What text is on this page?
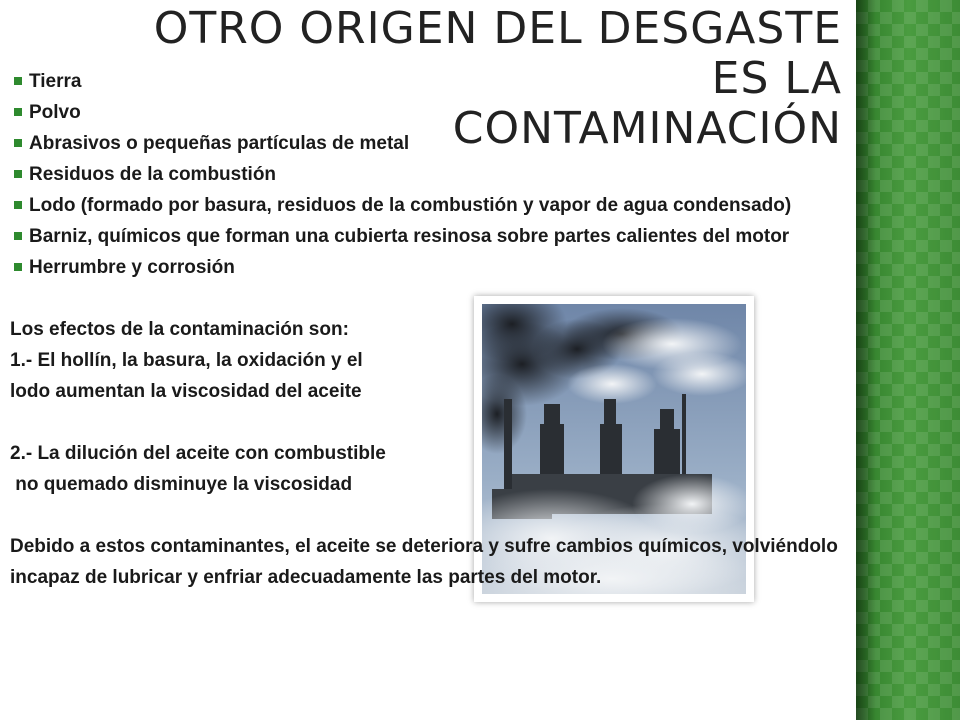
OTRO ORIGEN DEL DESGASTE ES LA
CONTAMINACIÓN
Tierra
Polvo
Abrasivos o pequeñas partículas de metal
Residuos de la combustión
Lodo (formado por basura, residuos de la combustión y vapor de agua condensado)
Barniz, químicos que forman una cubierta resinosa sobre partes calientes del motor
Herrumbre y corrosión

Los efectos de la contaminación son:

1.- El hollín, la basura, la oxidación y el

lodo aumentan la viscosidad del aceite

2.- La dilución del aceite con combustible

no quemado disminuye la viscosidad

Debido a estos contaminantes, el aceite se deteriora y sufre cambios químicos, volviéndolo incapaz de lubricar y enfriar adecuadamente las partes del motor.
